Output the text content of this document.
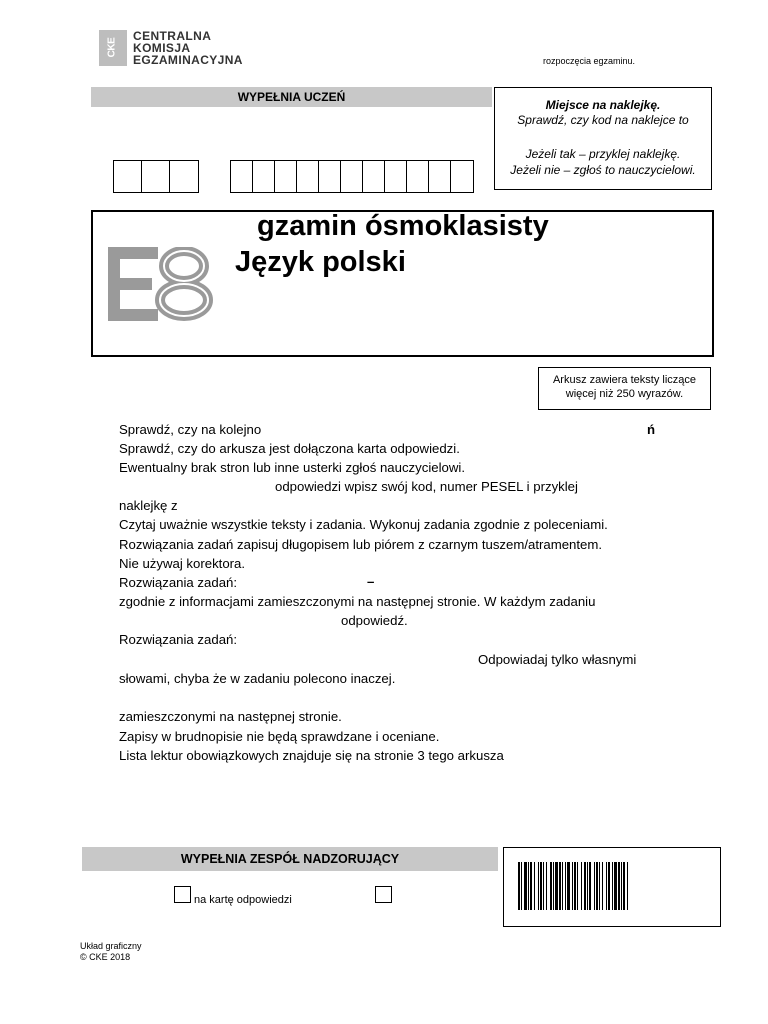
CKE
CENTRALNA
KOMISJA
EGZAMINACYJNA	rozpoczęcia egzaminu.
WYPEŁNIA UCZEŃ
Miejsce na naklejkę.
Sprawdź, czy kod na naklejce to
Jeżeli tak – przyklej naklejkę.
Jeżeli nie – zgłoś to nauczycielowi.
gzamin ósmoklasisty
Język polski
Arkusz zawiera teksty liczące
więcej niż 250 wyrazów.
Sprawdź, czy na kolejno	ń
Sprawdź, czy do arkusza jest dołączona karta odpowiedzi.
Ewentualny brak stron lub inne usterki zgłoś nauczycielowi.
odpowiedzi wpisz swój kod, numer PESEL i przyklej
naklejkę z
Czytaj uważnie wszystkie teksty i zadania. Wykonuj zadania zgodnie z poleceniami.
Rozwiązania zadań zapisuj długopisem lub piórem z czarnym tuszem/atramentem.
Nie używaj korektora.
Rozwiązania zadań:	–
zgodnie z informacjami zamieszczonymi na następnej stronie. W każdym zadaniu
odpowiedź.
Rozwiązania zadań:
Odpowiadaj tylko własnymi
słowami, chyba że w zadaniu polecono inaczej.
zamieszczonymi na następnej stronie.
Zapisy w brudnopisie nie będą sprawdzane i oceniane.
Lista lektur obowiązkowych znajduje się na stronie 3 tego arkusza
WYPEŁNIA ZESPÓŁ NADZORUJĄCY
na kartę odpowiedzi
Układ graficzny
© CKE 2018
